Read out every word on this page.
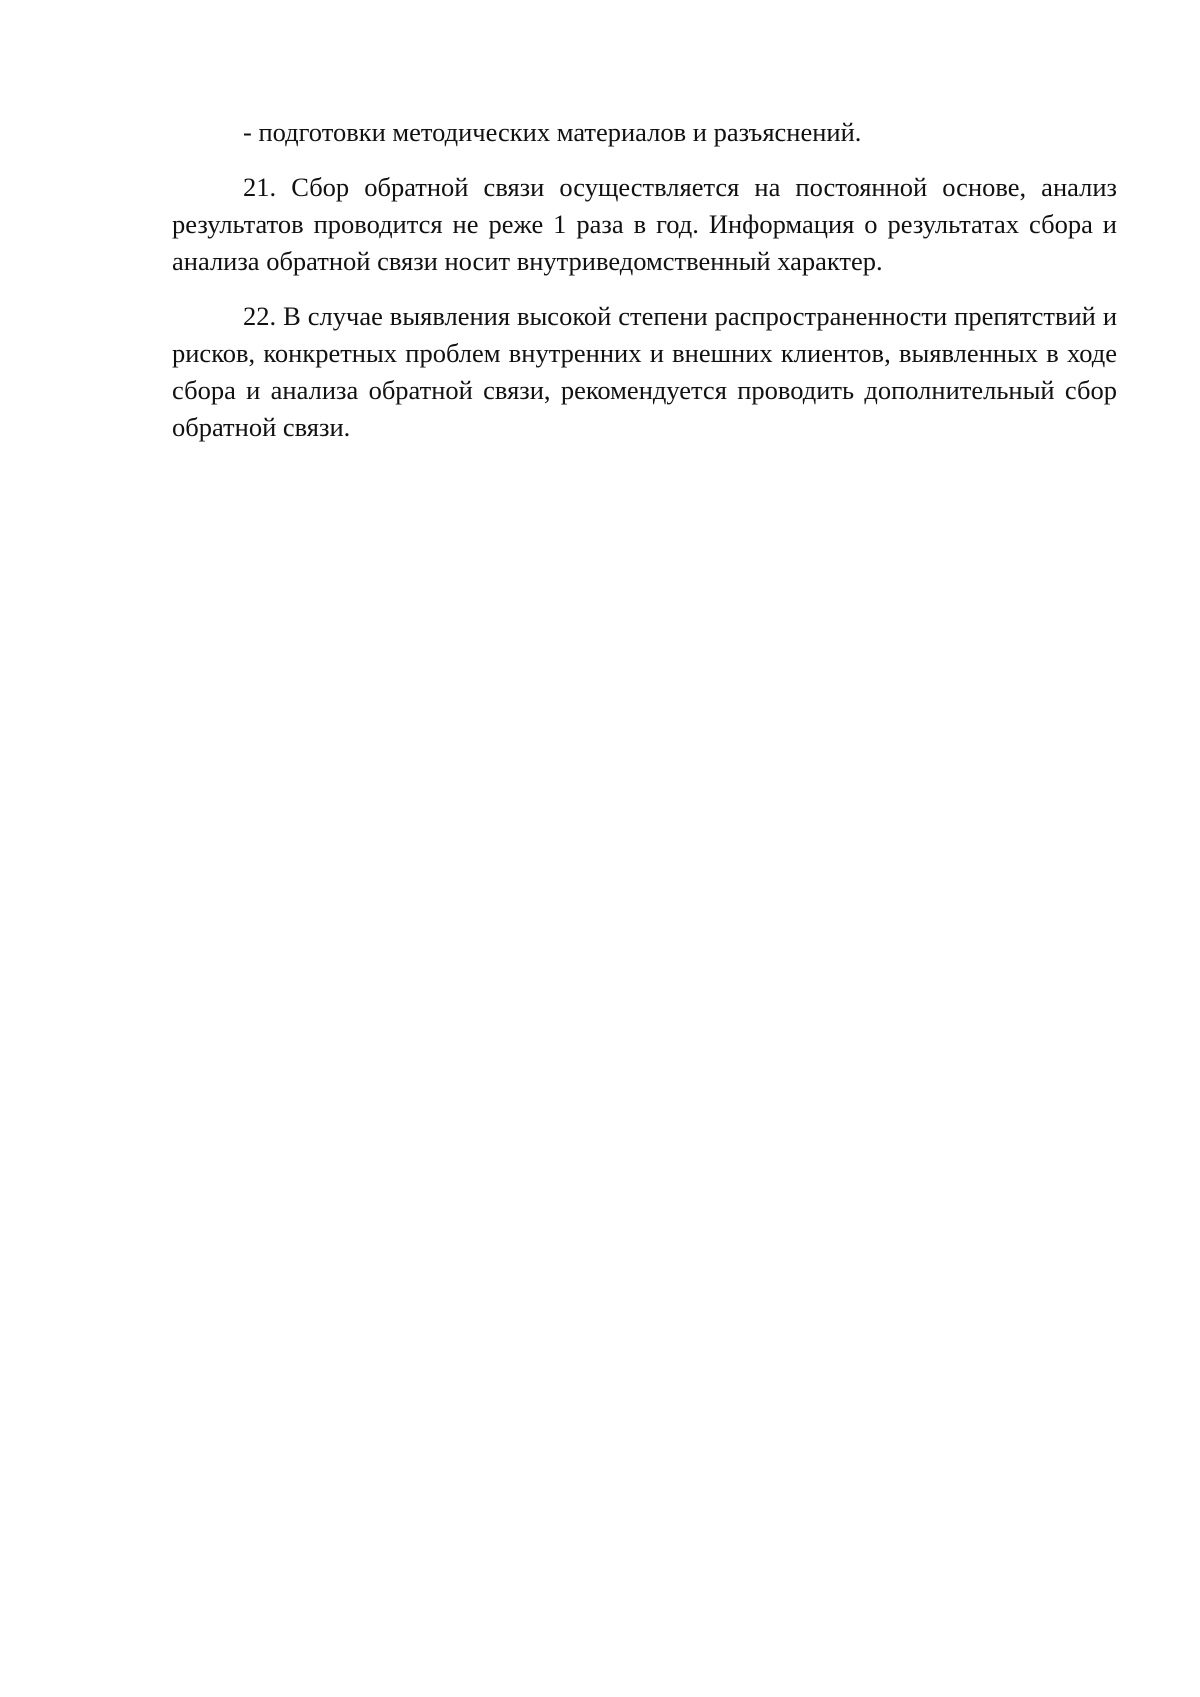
- подготовки методических материалов и разъяснений.

21. Сбор обратной связи осуществляется на постоянной основе, анализ результатов проводится не реже 1 раза в год. Информация о результатах сбора и анализа обратной связи носит внутриведомственный характер.

22. В случае выявления высокой степени распространенности препятствий и рисков, конкретных проблем внутренних и внешних клиентов, выявленных в ходе сбора и анализа обратной связи, рекомендуется проводить дополнительный сбор обратной связи.
